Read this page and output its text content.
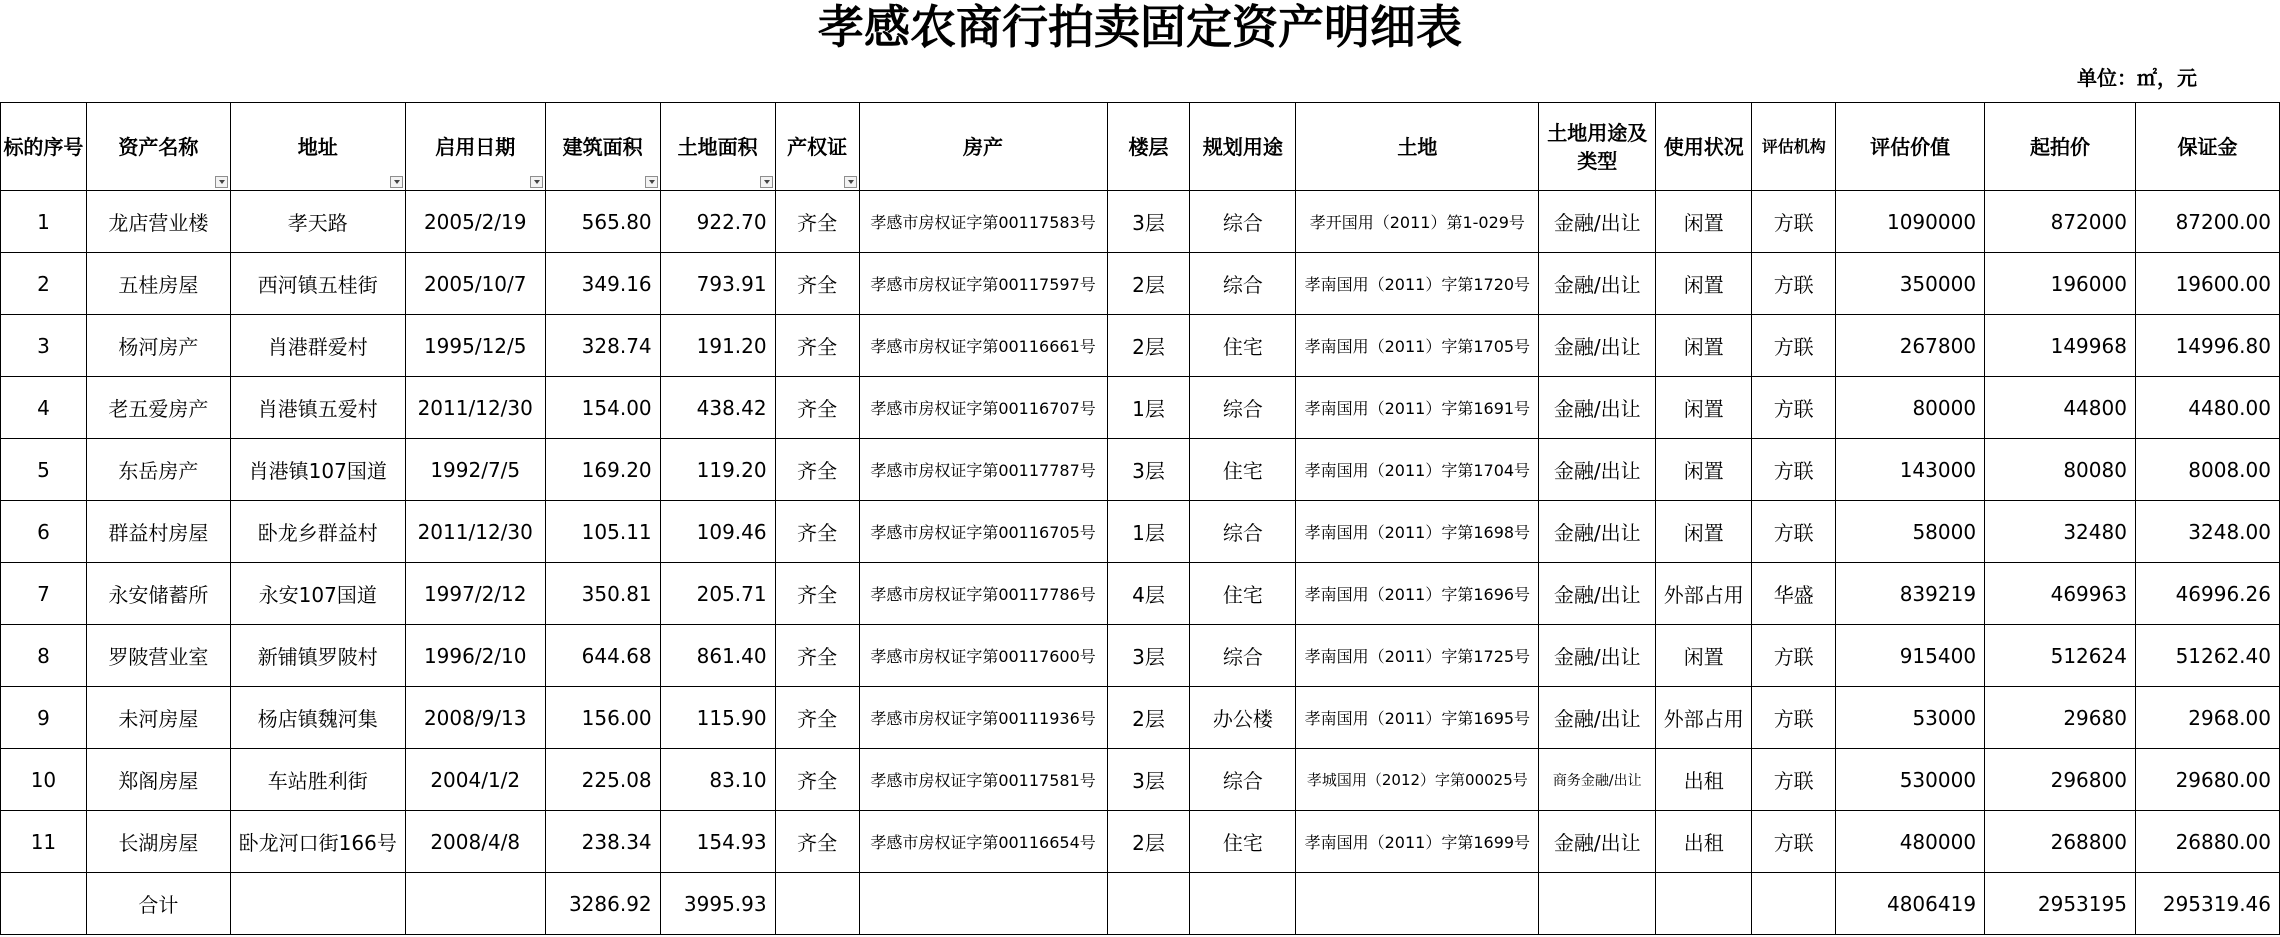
孝感农商行拍卖固定资产明细表
单位：㎡，元
标的序号	资产名称	地址	启用日期	建筑面积	土地面积	产权证	房产	楼层	规划用途	土地	土地用途及类型	使用状况	评估机构	评估价值	起拍价	保证金
1	龙店营业楼	孝天路	2005/2/19	565.80	922.70	齐全	孝感市房权证字第00117583号	3层	综合	孝开国用（2011）第1-029号	金融/出让	闲置	方联	1090000	872000	87200.00
2	五桂房屋	西河镇五桂街	2005/10/7	349.16	793.91	齐全	孝感市房权证字第00117597号	2层	综合	孝南国用（2011）字第1720号	金融/出让	闲置	方联	350000	196000	19600.00
3	杨河房产	肖港群爱村	1995/12/5	328.74	191.20	齐全	孝感市房权证字第00116661号	2层	住宅	孝南国用（2011）字第1705号	金融/出让	闲置	方联	267800	149968	14996.80
4	老五爱房产	肖港镇五爱村	2011/12/30	154.00	438.42	齐全	孝感市房权证字第00116707号	1层	综合	孝南国用（2011）字第1691号	金融/出让	闲置	方联	80000	44800	4480.00
5	东岳房产	肖港镇107国道	1992/7/5	169.20	119.20	齐全	孝感市房权证字第00117787号	3层	住宅	孝南国用（2011）字第1704号	金融/出让	闲置	方联	143000	80080	8008.00
6	群益村房屋	卧龙乡群益村	2011/12/30	105.11	109.46	齐全	孝感市房权证字第00116705号	1层	综合	孝南国用（2011）字第1698号	金融/出让	闲置	方联	58000	32480	3248.00
7	永安储蓄所	永安107国道	1997/2/12	350.81	205.71	齐全	孝感市房权证字第00117786号	4层	住宅	孝南国用（2011）字第1696号	金融/出让	外部占用	华盛	839219	469963	46996.26
8	罗陂营业室	新铺镇罗陂村	1996/2/10	644.68	861.40	齐全	孝感市房权证字第00117600号	3层	综合	孝南国用（2011）字第1725号	金融/出让	闲置	方联	915400	512624	51262.40
9	未河房屋	杨店镇魏河集	2008/9/13	156.00	115.90	齐全	孝感市房权证字第00111936号	2层	办公楼	孝南国用（2011）字第1695号	金融/出让	外部占用	方联	53000	29680	2968.00
10	郑阁房屋	车站胜利街	2004/1/2	225.08	83.10	齐全	孝感市房权证字第00117581号	3层	综合	孝城国用（2012）字第00025号	商务金融/出让	出租	方联	530000	296800	29680.00
11	长湖房屋	卧龙河口街166号	2008/4/8	238.34	154.93	齐全	孝感市房权证字第00116654号	2层	住宅	孝南国用（2011）字第1699号	金融/出让	出租	方联	480000	268800	26880.00
	合计			3286.92	3995.93									4806419	2953195	295319.46
